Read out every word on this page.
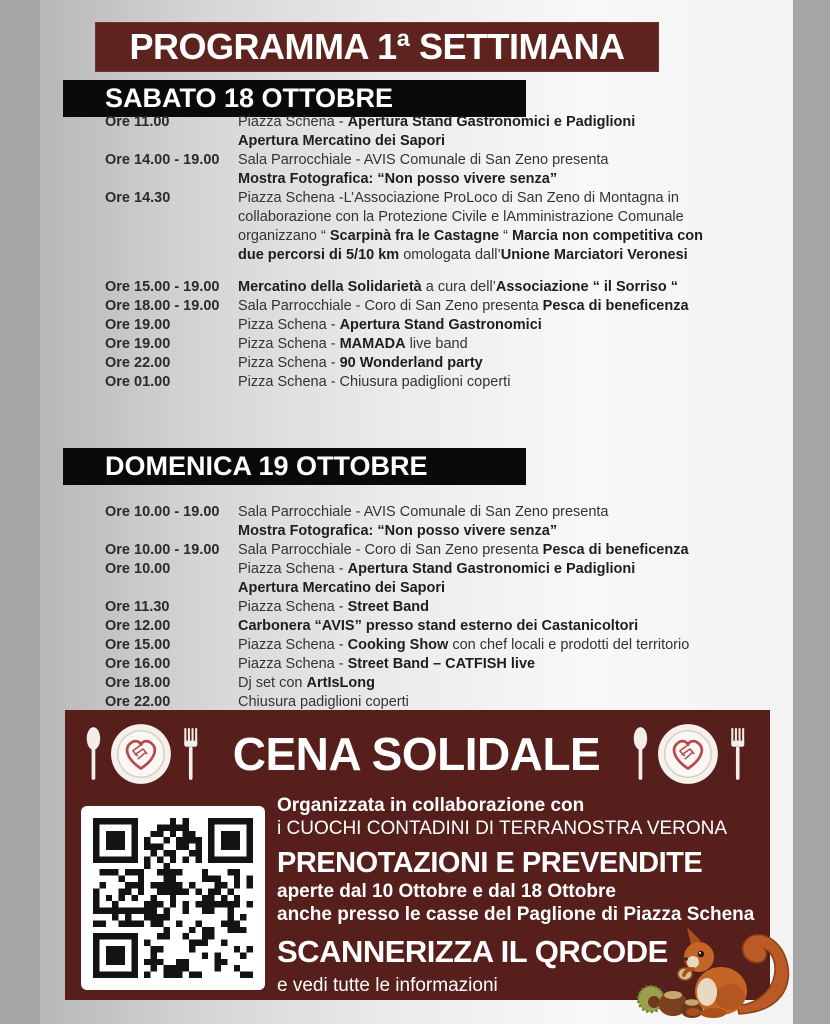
PROGRAMMA 1ª SETTIMANA
SABATO 18 OTTOBRE
Ore 11.00	Piazza Schena - Apertura Stand Gastronomici e Padiglioni
Apertura Mercatino dei Sapori
Ore 14.00 - 19.00	Sala Parrocchiale - AVIS Comunale di San Zeno presenta
Mostra Fotografica: “Non posso vivere senza”
Ore 14.30	Piazza Schena -L’Associazione ProLoco di San Zeno di Montagna in
collaborazione con la Protezione Civile e lAmministrazione Comunale
organizzano “ Scarpinà fra le Castagne “ Marcia non competitiva con
due percorsi di 5/10 km omologata dall’Unione Marciatori Veronesi
Ore 15.00 - 19.00	Mercatino della Solidarietà a cura dell’Associazione “ il Sorriso “
Ore 18.00 - 19.00	Sala Parrocchiale - Coro di San Zeno presenta Pesca di beneficenza
Ore 19.00	Pizza Schena - Apertura Stand Gastronomici
Ore 19.00	Pizza Schena - MAMADA live band
Ore 22.00	Pizza Schena - 90 Wonderland party
Ore 01.00	Pizza Schena - Chiusura padiglioni coperti
DOMENICA 19 OTTOBRE
Ore 10.00 - 19.00	Sala Parrocchiale - AVIS Comunale di San Zeno presenta
Mostra Fotografica: “Non posso vivere senza”
Ore 10.00 - 19.00	Sala Parrocchiale - Coro di San Zeno presenta Pesca di beneficenza
Ore 10.00	Piazza Schena - Apertura Stand Gastronomici e Padiglioni
Apertura Mercatino dei Sapori
Ore 11.30	Piazza Schena - Street Band
Ore 12.00	Carbonera “AVIS” presso stand esterno dei Castanicoltori
Ore 15.00	Piazza Schena - Cooking Show con chef locali e prodotti del territorio
Ore 16.00	Piazza Schena - Street Band – CATFISH live
Ore 18.00	Dj set con ArtIsLong
Ore 22.00	Chiusura padiglioni coperti
CENA SOLIDALE
Organizzata in collaborazione con
i CUOCHI CONTADINI DI TERRANOSTRA VERONA
PRENOTAZIONI E PREVENDITE
aperte dal 10 Ottobre e dal 18 Ottobre
anche presso le casse del Paglione di Piazza Schena
SCANNERIZZA IL QRCODE
e vedi tutte le informazioni
